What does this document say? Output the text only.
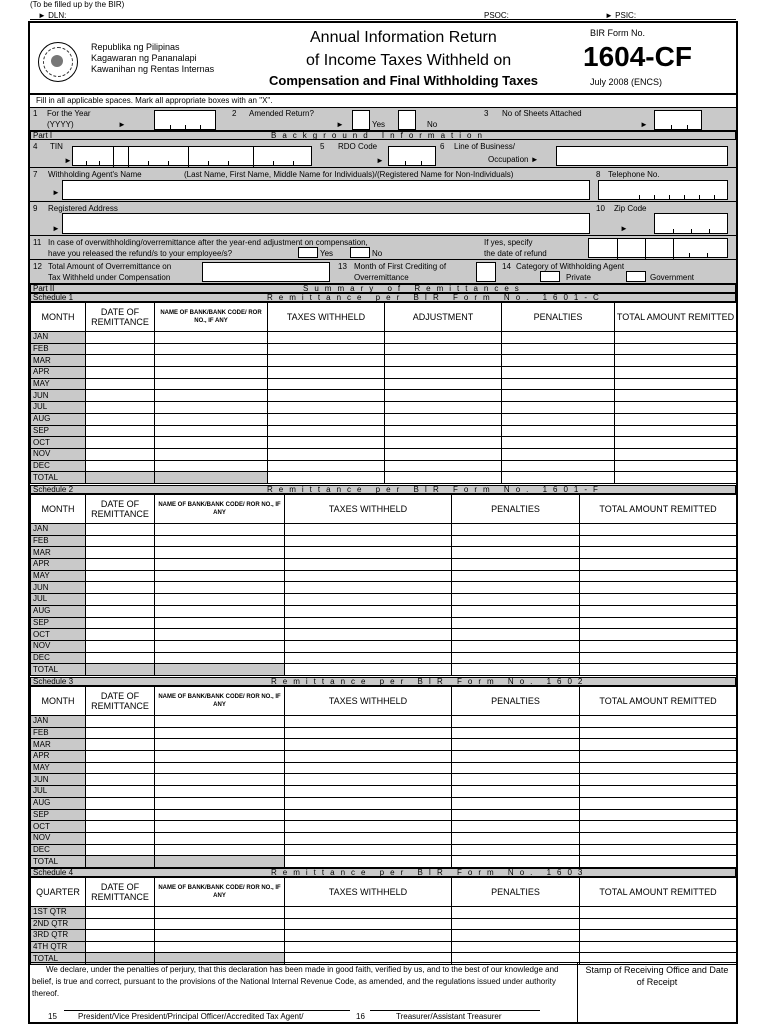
(To be filled up by the BIR)
► DLN:	PSOC:	► PSIC:
Republika ng Pilipinas
Kagawaran ng Pananalapi
Kawanihan ng Rentas Internas
Annual Information Return
of Income Taxes Withheld on
Compensation and Final Withholding Taxes
BIR Form No.
1604-CF
July 2008 (ENCS)
Fill in all applicable spaces. Mark all appropriate boxes with an "X".
1 For the Year
(YYYY)	►
2 Amended Return?
►	Yes	No
3 No of Sheets Attached
►
Part I	Background Information
4 TIN
►
5 RDO Code
►
6 Line of Business/
Occupation ►
7 Withholding Agent's Name	(Last Name, First Name, Middle Name for Individuals)/(Registered Name for Non-Individuals)
►
8 Telephone No.
9 Registered Address
►
10 Zip Code
►
11 In case of overwithholding/overremittance after the year-end adjustment on compensation,
have you released the refund/s to your employee/s?	Yes	No
If yes, specify
the date of refund
12 Total Amount of Overremittance on
Tax Withheld under Compensation
13 Month of First Crediting of
Overremittance
14 Category of Withholding Agent
Private	Government
Part II	Summary of Remittances
Schedule 1	Remittance per BIR Form No. 1601-C
MONTH	DATE OF REMITTANCE	NAME OF BANK/BANK CODE/ ROR NO., IF ANY	TAXES WITHHELD	ADJUSTMENT	PENALTIES	TOTAL AMOUNT REMITTED
JAN						
FEB						
MAR						
APR						
MAY						
JUN						
JUL						
AUG						
SEP						
OCT						
NOV						
DEC						
TOTAL						
Schedule 2	Remittance per BIR Form No. 1601-F
MONTH	DATE OF REMITTANCE	NAME OF BANK/BANK CODE/ ROR NO., IF ANY	TAXES WITHHELD	PENALTIES	TOTAL AMOUNT REMITTED
JAN					
FEB					
MAR					
APR					
MAY					
JUN					
JUL					
AUG					
SEP					
OCT					
NOV					
DEC					
TOTAL					
Schedule 3	Remittance per BIR Form No. 1602
MONTH	DATE OF REMITTANCE	NAME OF BANK/BANK CODE/ ROR NO., IF ANY	TAXES WITHHELD	PENALTIES	TOTAL AMOUNT REMITTED
JAN					
FEB					
MAR					
APR					
MAY					
JUN					
JUL					
AUG					
SEP					
OCT					
NOV					
DEC					
TOTAL					
Schedule 4	Remittance per BIR Form No. 1603
QUARTER	DATE OF REMITTANCE	NAME OF BANK/BANK CODE/ ROR NO., IF ANY	TAXES WITHHELD	PENALTIES	TOTAL AMOUNT REMITTED
1ST QTR					
2ND QTR					
3RD QTR					
4TH QTR					
TOTAL					
We declare, under the penalties of perjury, that this declaration has been made in good faith, verified by us, and to the best of our knowledge and belief, is true and correct, pursuant to the provisions of the National Internal Revenue Code, as amended, and the regulations issued under authority thereof.
Stamp of Receiving Office and Date of Receipt
15	President/Vice President/Principal Officer/Accredited Tax Agent/	16	Treasurer/Assistant Treasurer
